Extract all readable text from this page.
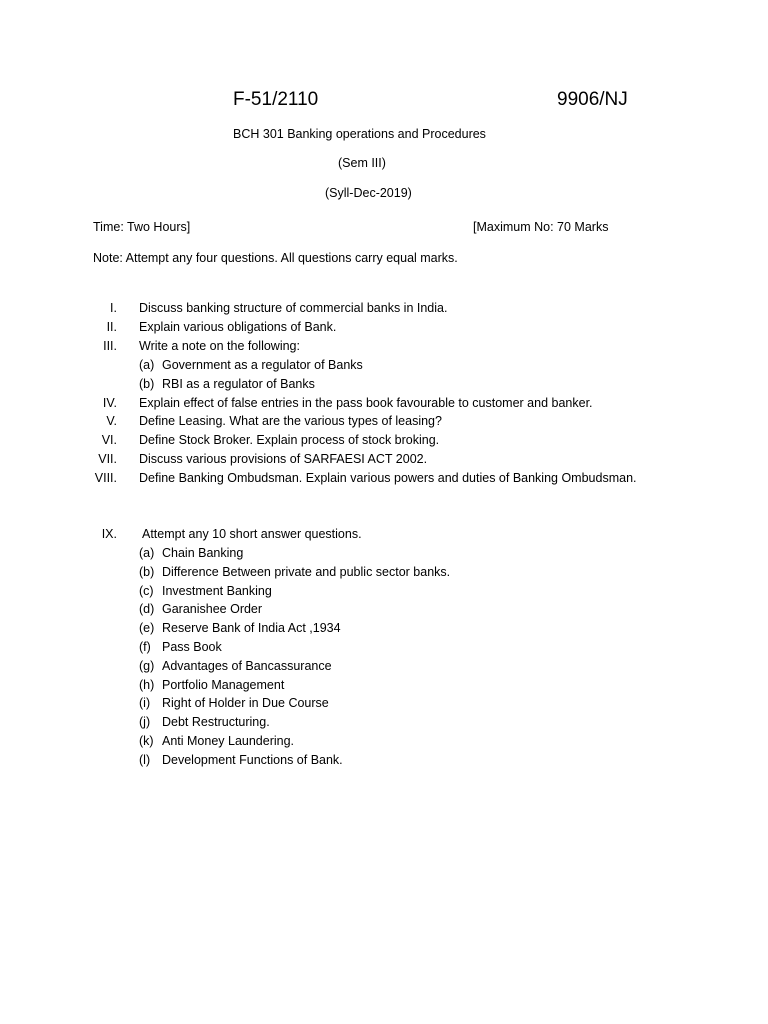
F-51/2110	9906/NJ
BCH 301 Banking operations and Procedures
(Sem III)
(Syll-Dec-2019)
Time: Two Hours]	[Maximum No: 70 Marks
Note: Attempt any four questions. All questions carry equal marks.
I. Discuss banking structure of commercial banks in India.
II. Explain various obligations of Bank.
III. Write a note on the following:
(a) Government as a regulator of Banks
(b) RBI as a regulator of Banks
IV. Explain effect of false entries in the pass book favourable to customer and banker.
V. Define Leasing. What are the various types of leasing?
VI. Define Stock Broker. Explain process of stock broking.
VII. Discuss various provisions of SARFAESI ACT 2002.
VIII. Define Banking Ombudsman. Explain various powers and duties of Banking Ombudsman.
IX. Attempt any 10 short answer questions.
(a) Chain Banking
(b) Difference Between private and public sector banks.
(c) Investment Banking
(d) Garanishee Order
(e) Reserve Bank of India Act ,1934
(f) Pass Book
(g) Advantages of Bancassurance
(h) Portfolio Management
(i) Right of Holder in Due Course
(j) Debt Restructuring.
(k) Anti Money Laundering.
(l) Development Functions of Bank.
